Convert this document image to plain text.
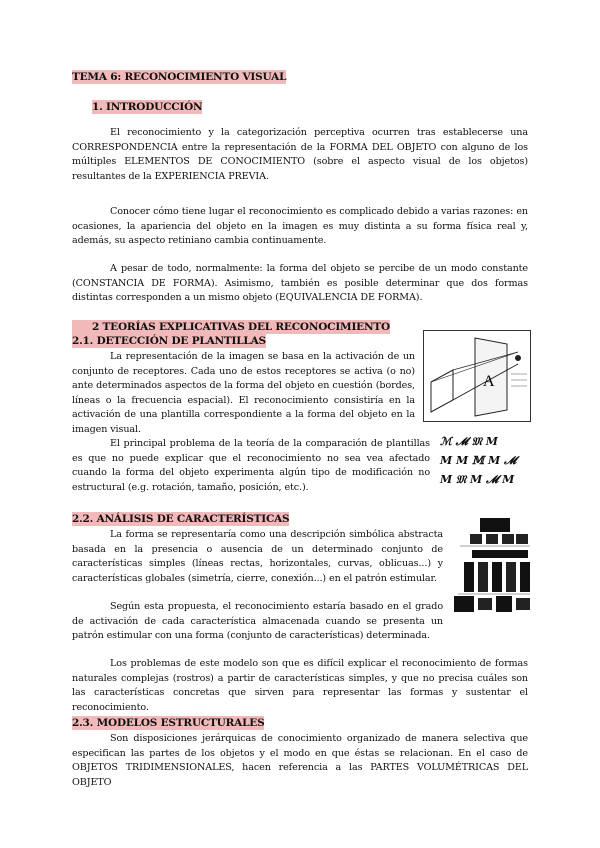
TEMA 6: RECONOCIMIENTO VISUAL
1. INTRODUCCIÓN

El reconocimiento y la categorización perceptiva ocurren tras establecerse una CORRESPONDENCIA entre la representación de la FORMA DEL OBJETO con alguno de los múltiples ELEMENTOS DE CONOCIMIENTO (sobre el aspecto visual de los objetos) resultantes de la EXPERIENCIA PREVIA.

Conocer cómo tiene lugar el reconocimiento es complicado debido a varias razones: en ocasiones, la apariencia del objeto en la imagen es muy distinta a su forma física real y, además, su aspecto retiniano cambia continuamente.

A pesar de todo, normalmente: la forma del objeto se percibe de un modo constante (CONSTANCIA DE FORMA). Asimismo, también es posible determinar que dos formas distintas corresponden a un mismo objeto (EQUIVALENCIA DE FORMA).

2 TEORÍAS EXPLICATIVAS DEL RECONOCIMIENTO
2.1. DETECCIÓN DE PLANTILLAS

La representación de la imagen se basa en la activación de un conjunto de receptores. Cada uno de estos receptores se activa (o no) ante determinados aspectos de la forma del objeto en cuestión (bordes, líneas o la frecuencia espacial). El reconocimiento consistiría en la activación de una plantilla correspondiente a la forma del objeto en la imagen visual.

El principal problema de la teoría de la comparación de plantillas es que no puede explicar que el reconocimiento no sea vea afectado cuando la forma del objeto experimenta algún tipo de modificación no estructural (e.g. rotación, tamaño, posición, etc.).

A
ℳ 𝓜 𝔐 M
M M 𝕄 M 𝓜
M 𝔐 M 𝓜 M
2.2. ANÁLISIS DE CARACTERÍSTICAS

La forma se representaría como una descripción simbólica abstracta basada en la presencia o ausencia de un determinado conjunto de características simples (líneas rectas, horizontales, curvas, oblicuas...) y características globales (simetría, cierre, conexión...) en el patrón estimular.

Según esta propuesta, el reconocimiento estaría basado en el grado de activación de cada característica almacenada cuando se presenta un patrón estimular con una forma (conjunto de características) determinada.

Los problemas de este modelo son que es difícil explicar el reconocimiento de formas naturales complejas (rostros) a partir de características simples, y que no precisa cuáles son las características concretas que sirven para representar las formas y sustentar el reconocimiento.

2.3. MODELOS ESTRUCTURALES

Son disposiciones jerárquicas de conocimiento organizado de manera selectiva que especifican las partes de los objetos y el modo en que éstas se relacionan. En el caso de OBJETOS TRIDIMENSIONALES, hacen referencia a las PARTES VOLUMÉTRICAS DEL OBJETO
